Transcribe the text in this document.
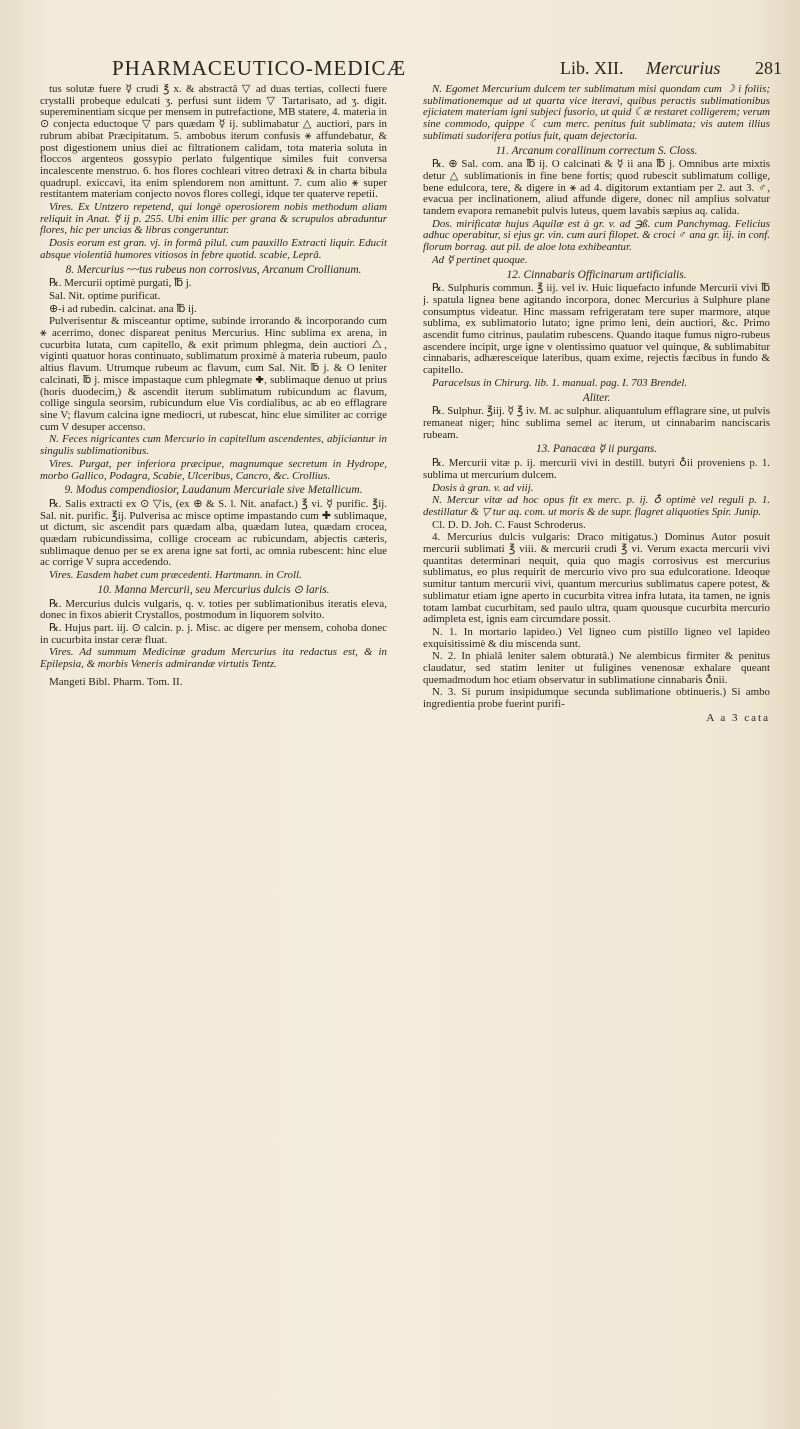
PHARMACEUTICO-MEDICÆ	Lib. XII. Mercurius 281

tus solutæ fuere ☿ crudi ℥ x. & abstractâ ▽ ad duas tertias, collecti fuere crystalli probeque edulcati ʒ. perfusi sunt iidem ▽ Tartarisato, ad ʒ. digit. supereminentiam sicque per mensem in putrefactione, MB statere, 4. materia in ⊙ conjecta eductoque ▽ pars quædam ☿ ij. sublimabatur △ auctiori, pars in rubrum abibat Præcipitatum. 5. ambobus iterum confusis ⚹ affundebatur, & post digestionem unius diei ac filtrationem calidam, tota materia soluta in floccos argenteos gossypio perlato fulgentique similes fuit conversa incalescente menstruo. 6. hos flores cochleari vitreo detraxi & in charta bibula quadrupl. exiccavi, ita enim splendorem non amittunt. 7. cum alio ⚹ super restitantem materiam conjecto novos flores collegi, idque ter quaterve repetii.

Vires. Ex Untzero repetend, qui longè operosiorem nobis methodum aliam reliquit in Anat. ☿ ij p. 255. Ubi enim illic per grana & scrupulos abraduntur flores, hic per uncias & libras congeruntur.

Dosis eorum est gran. vj. in formâ pilul. cum pauxillo Extracti liquir. Educit absque violentiâ humores vitiosos in febre quotid. scabie, Leprâ.

8. Mercurius ~~tus rubeus non corrosivus, Arcanum Crollianum.

℞. Mercurii optimè purgati, ℔ j.

Sal. Nit. optime purificat.

⊕-i ad rubedin. calcinat. ana ℔ ij.

Pulverisentur & misceantur optime, subinde irrorando & incorporando cum ⚹ acerrimo, donec dispareat penitus Mercurius. Hinc sublima ex arena, in cucurbita lutata, cum capitello, & exit primum phlegma, dein auctiori △, viginti quatuor horas continuato, sublimatum proximè à materia rubeum, paulo altius flavum. Utrumque rubeum ac flavum, cum Sal. Nit. ℔ j. & O leniter calcinati, ℔ j. misce impastaque cum phlegmate ✚, sublimaque denuo ut prius (horis duodecim,) & ascendit iterum sublimatum rubicundum ac flavum, collige singula seorsim, rubicundum elue Vis cordialibus, ac ab eo efflagrare sine V; flavum calcina igne mediocri, ut rubescat, hinc elue similiter ac corrige cum V desuper accenso.

N. Feces nigricantes cum Mercurio in capitellum ascendentes, abjiciantur in singulis sublimationibus.

Vires. Purgat, per inferiora præcipue, magnumque secretum in Hydrope, morbo Gallico, Podagra, Scabie, Ulceribus, Cancro, &c. Crollius.

9. Modus compendiosior, Laudanum Mercuriale sive Metallicum.

℞. Salis extracti ex ⊙ ▽is, (ex ⊕ & S. l. Nit. anafact.) ℥ vi. ☿ purific. ℥ij. Sal. nit. purific. ℥ij. Pulverisa ac misce optime impastando cum ✚ sublimaque, ut dictum, sic ascendit pars quædam alba, quædam lutea, quædam crocea, quædam rubicundissima, collige croceam ac rubicundam, abjectis cæteris, sublimaque denuo per se ex arena igne sat forti, ac omnia rubescent: hinc elue ac corrige V supra accedendo.

Vires. Easdem habet cum præcedenti. Hartmann. in Croll.

10. Manna Mercurii, seu Mercurius dulcis ⊙ laris.

℞. Mercurius dulcis vulgaris, q. v. toties per sublimationibus iteratis eleva, donec in fixos abierit Crystallos, postmodum in liquorem solvito.

℞. Hujus part. iij. ⊙ calcin. p. j. Misc. ac digere per mensem, cohoba donec in cucurbita instar ceræ fluat.

Vires. Ad summum Medicinæ gradum Mercurius ita redactus est, & in Epilepsia, & morbis Veneris admirandæ virtutis Tentz.

Mangeti Bibl. Pharm. Tom. II.

N. Egomet Mercurium dulcem ter sublimatum misi quondam cum ☽ i foliis; sublimationemque ad ut quarta vice iteravi, quibus peractis sublimationibus ejiciatem materiam igni subjeci fusorio, ut quid ☾æ restaret colligerem; verum sine commodo, quippe ☾ cum merc. penitus fuit sublimata; vis autem illius sublimati sudorifera potius fuit, quam dejectoria.

11. Arcanum corallinum correctum S. Closs.

℞. ⊕ Sal. com. ana ℔ ij. O calcinati & ☿ ii ana ℔ j. Omnibus arte mixtis detur △ sublimationis in fine bene fortis; quod rubescit sublimatum collige, bene edulcora, tere, & digere in ⚹ ad 4. digitorum extantiam per 2. aut 3. ♂, evacua per inclinationem, aliud affunde digere, donec nil amplius solvatur tandem evapora remanebit pulvis luteus, quem lavabis sæpius aq. calida.

Dos. mirificatæ hujus Aquilæ est à gr. v. ad ℈ß. cum Panchymag. Felicius adhuc operabitur, si ejus gr. vin. cum auri filopet. & croci ♂ ana gr. iij. in conf. florum borrag. aut pil. de aloe lota exhibeantur.

Ad ☿ pertinet quoque.

12. Cinnabaris Officinarum artificialis.

℞. Sulphuris commun. ℥ iij. vel iv. Huic liquefacto infunde Mercurii vivi ℔ j. spatula lignea bene agitando incorpora, donec Mercurius à Sulphure plane consumptus videatur. Hinc massam refrigeratam tere super marmore, atque sublima, ex sublimatorio lutato; igne primo leni, dein auctiori, &c. Primo ascendit fumo citrinus, paulatim rubescens. Quando itaque fumus nigro-rubeus ascendere incipit, urge igne v olentissimo quatuor vel quinque, & sublimabitur cinnabaris, adhæresceique lateribus, quam exime, rejectis fæcibus in fundo & capitello.

Paracelsus in Chirurg. lib. 1. manual. pag. I. 703 Brendel.

Aliter.

℞. Sulphur. ℥iij. ☿ ℥ iv. M. ac sulphur. aliquantulum efflagrare sine, ut pulvis remaneat niger; hinc sublima semel ac iterum, ut cinnabarim nanciscaris rubeam.

13. Panacæa ☿ ii purgans.

℞. Mercurii vitæ p. ij. mercurii vivi in destill. butyri ♁ii proveniens p. 1. sublima ut mercurium dulcem.

Dosis à gran. v. ad viij.

N. Mercur vitæ ad hoc opus fit ex merc. p. ij. ♁ optimè vel reguli p. 1. destillatur & ▽ tur aq. com. ut moris & de supr. flagret aliquoties Spir. Junip.

Cl. D. D. Joh. C. Faust Schroderus.

4. Mercurius dulcis vulgaris: Draco mitigatus.) Dominus Autor posuit mercurii sublimati ℥ viii. & mercurii crudi ℥ vi. Verum exacta mercurii vivi quantitas determinari nequit, quia quo magis corrosivus est mercurius sublimatus, eo plus requirit de mercurio vivo pro sua edulcoratione. Ideoque sumitur tantum mercurii vivi, quantum mercurius sublimatus capere potest, & sublimatur etiam igne aperto in cucurbita vitrea infra lutata, ita tamen, ne ignis totam lambat cucurbitam, sed paulo ultra, quam quousque cucurbita mercurio adimpleta est, ignis eam circumdare possit.

N. 1. In mortario lapideo.) Vel ligneo cum pistillo ligneo vel lapideo exquisitissimè & diu miscenda sunt.

N. 2. In phialâ leniter salem obturatâ.) Ne alembicus firmiter & penitus claudatur, sed statim leniter ut fuligines venenosæ exhalare queant quemadmodum hoc etiam observatur in sublimatione cinnabaris ♁nii.

N. 3. Si purum insipidumque secunda sublimatione obtinueris.) Si ambo ingredientia probe fuerint purifi-

A a 3 cata
